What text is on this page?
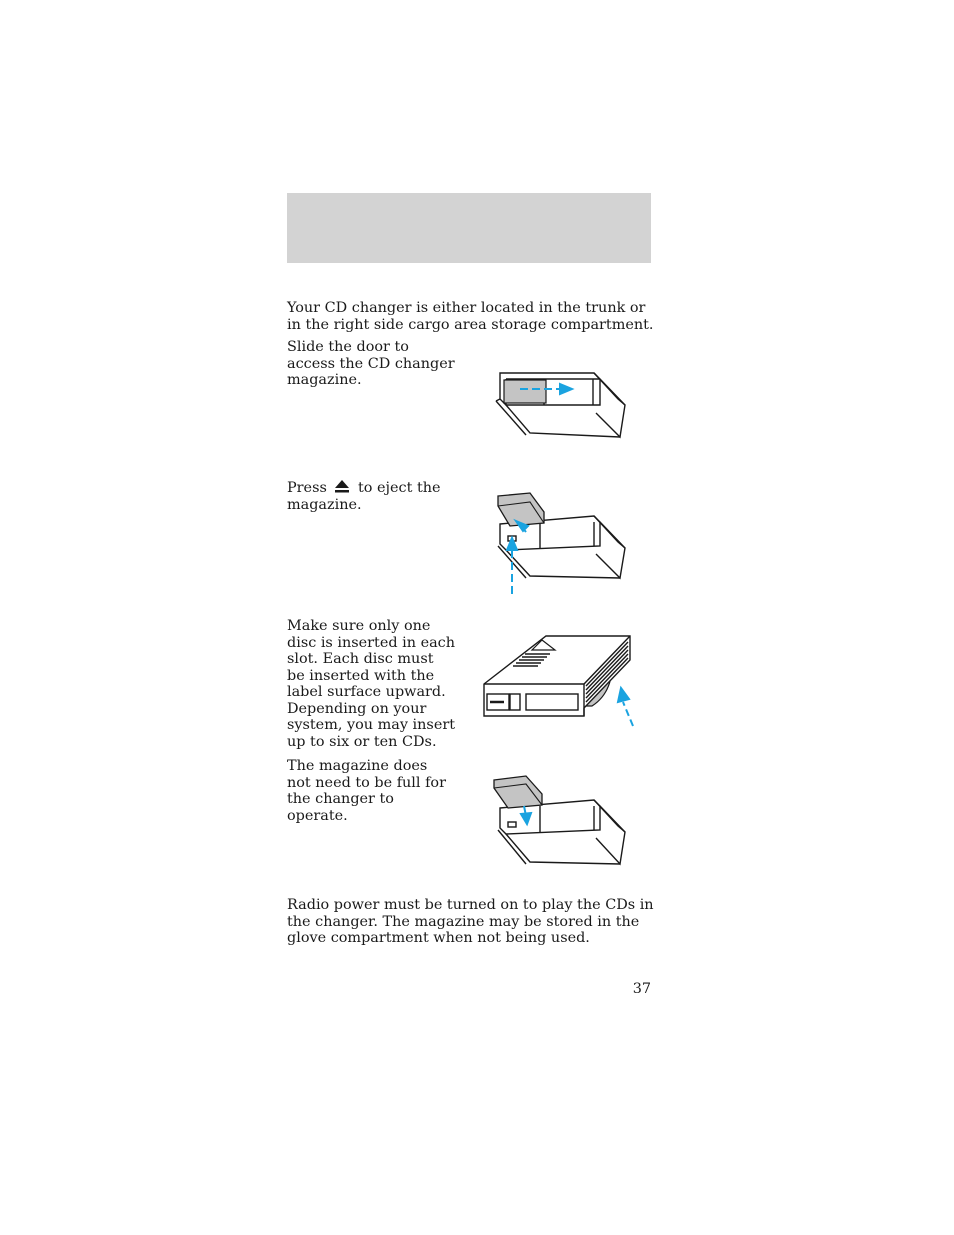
Your CD changer is either located in the trunk or in the right side cargo area storage compartment.

Slide the door to access the CD changer magazine.

Press to eject the magazine.

Make sure only one disc is inserted in each slot. Each disc must be inserted with the label surface upward. Depending on your system, you may insert up to six or ten CDs.

The magazine does not need to be full for the changer to operate.

Radio power must be turned on to play the CDs in the changer. The magazine may be stored in the glove compartment when not being used.

37
